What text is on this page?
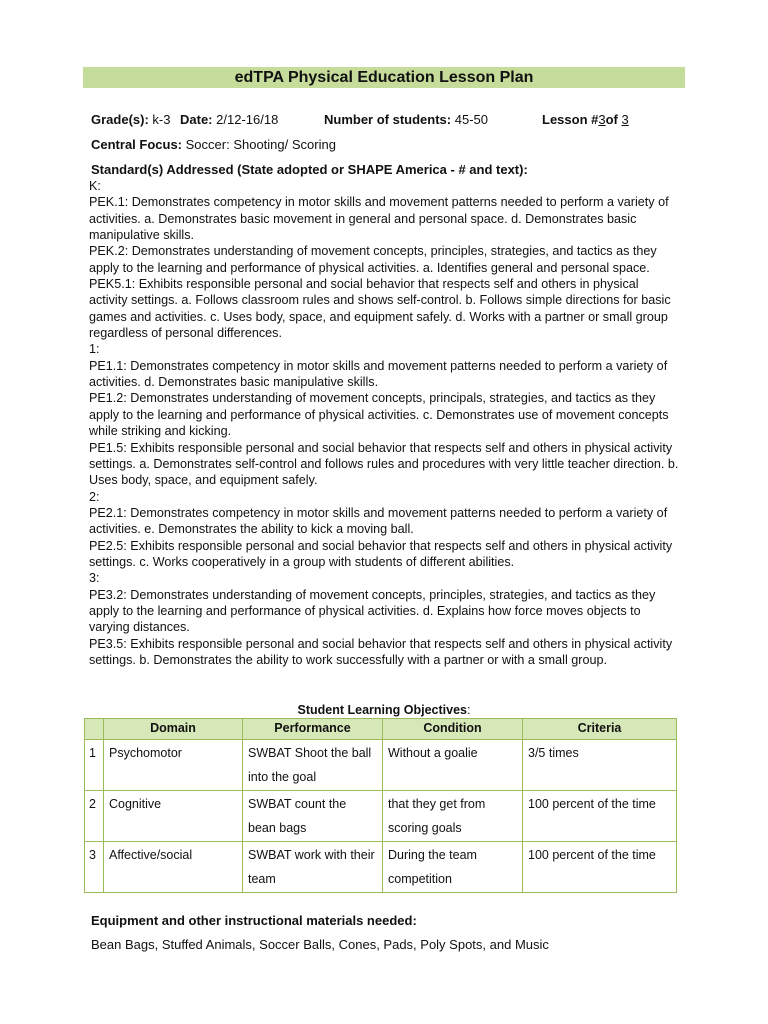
edTPA Physical Education Lesson Plan
Grade(s): k-3 Date: 2/12-16/18	Number of students: 45-50	Lesson #3of 3
Central Focus: Soccer: Shooting/ Scoring
Standard(s) Addressed (State adopted or SHAPE America - # and text):

K:

PEK.1: Demonstrates competency in motor skills and movement patterns needed to perform a variety of activities. a. Demonstrates basic movement in general and personal space. d. Demonstrates basic manipulative skills.

PEK.2: Demonstrates understanding of movement concepts, principles, strategies, and tactics as they apply to the learning and performance of physical activities. a. Identifies general and personal space.

PEK5.1: Exhibits responsible personal and social behavior that respects self and others in physical activity settings. a. Follows classroom rules and shows self-control. b. Follows simple directions for basic games and activities. c. Uses body, space, and equipment safely. d. Works with a partner or small group regardless of personal differences.

1:

PE1.1: Demonstrates competency in motor skills and movement patterns needed to perform a variety of activities. d. Demonstrates basic manipulative skills.

PE1.2: Demonstrates understanding of movement concepts, principals, strategies, and tactics as they apply to the learning and performance of physical activities. c. Demonstrates use of movement concepts while striking and kicking.

PE1.5: Exhibits responsible personal and social behavior that respects self and others in physical activity settings. a. Demonstrates self-control and follows rules and procedures with very little teacher direction. b. Uses body, space, and equipment safely.

2:

PE2.1: Demonstrates competency in motor skills and movement patterns needed to perform a variety of activities. e. Demonstrates the ability to kick a moving ball.

PE2.5: Exhibits responsible personal and social behavior that respects self and others in physical activity settings. c. Works cooperatively in a group with students of different abilities.

3:

PE3.2: Demonstrates understanding of movement concepts, principles, strategies, and tactics as they apply to the learning and performance of physical activities. d. Explains how force moves objects to varying distances.

PE3.5: Exhibits responsible personal and social behavior that respects self and others in physical activity settings. b. Demonstrates the ability to work successfully with a partner or with a small group.

Student Learning Objectives:
	Domain	Performance	Condition	Criteria
1	Psychomotor	SWBAT Shoot the ball into the goal	Without a goalie	3/5 times
2	Cognitive	SWBAT count the bean bags	that they get from scoring goals	100 percent of the time
3	Affective/social	SWBAT work with their team	During the team competition	100 percent of the time
Equipment and other instructional materials needed:
Bean Bags, Stuffed Animals, Soccer Balls, Cones, Pads, Poly Spots, and Music
